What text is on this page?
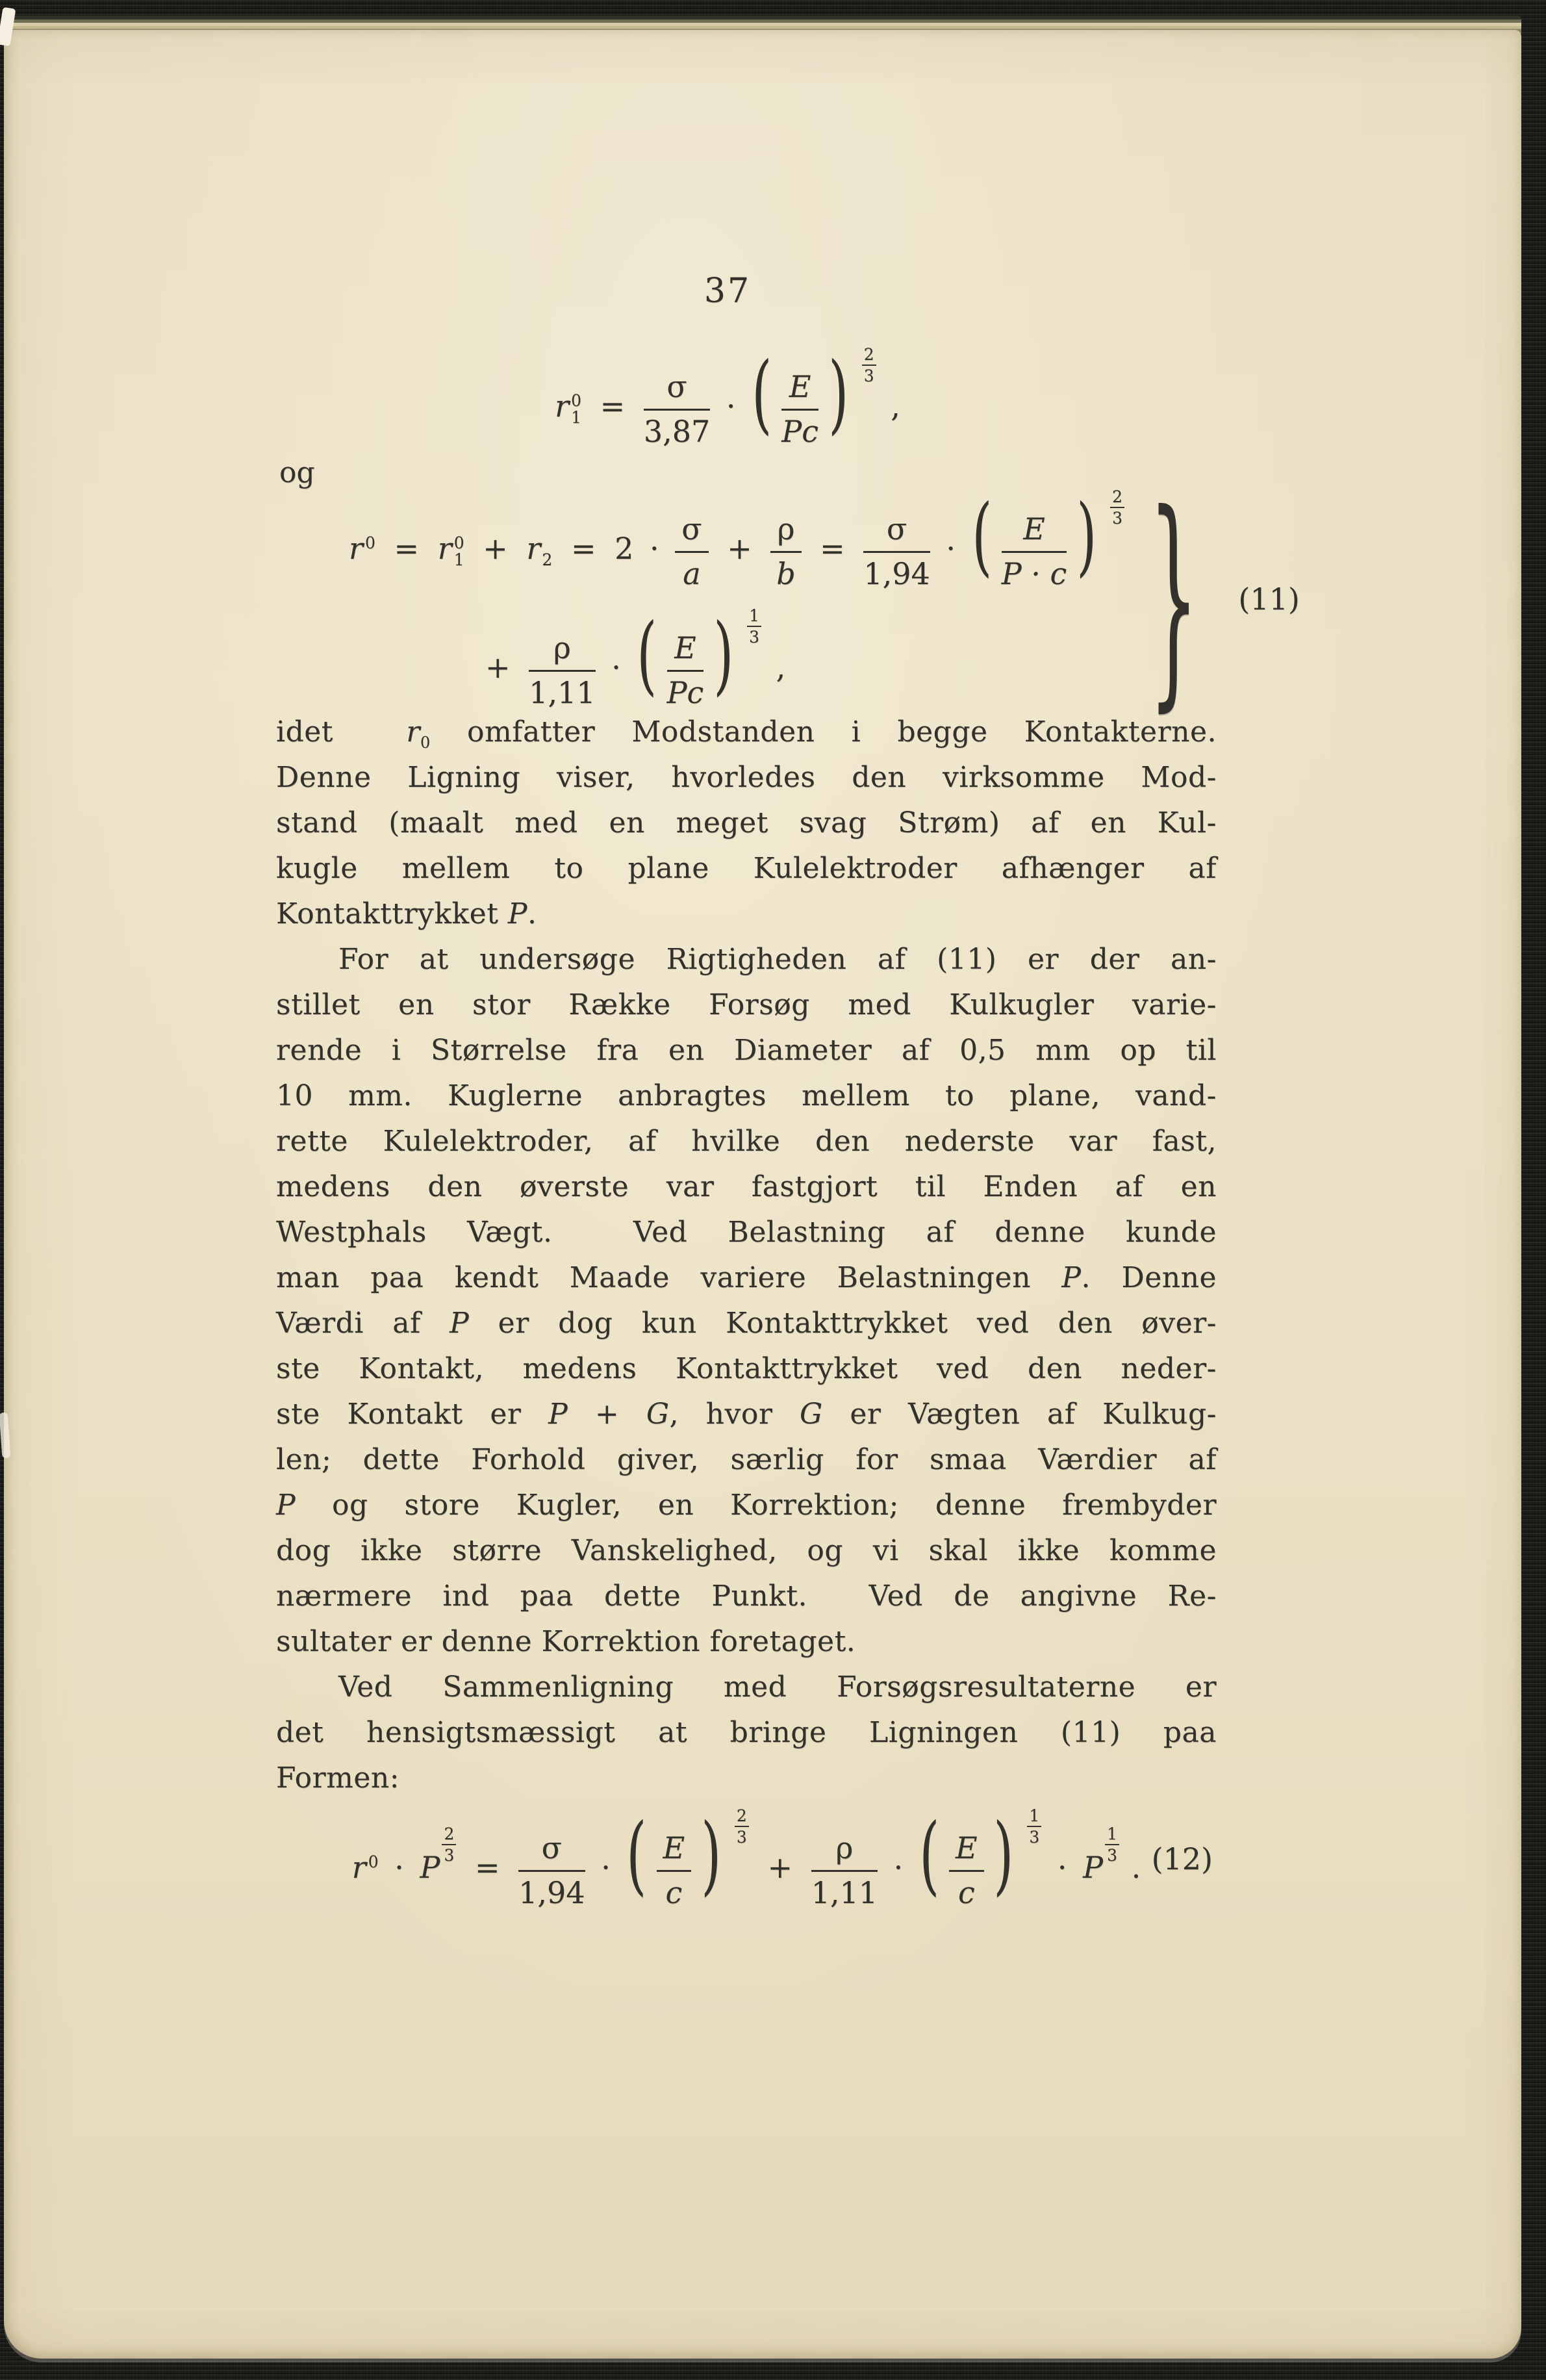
37
r 0
$1 = \frac{\sigma}{3,87}$ · ( $\frac{E}{Pc}$ ) $\frac{2}{3}$
,
og
r $^0$ = r 0
$1 + r_2 = 2 \cdot \frac{\sigma}{a} + \frac{\rho}{b} = \frac{\sigma}{1,94}$ · ( $\frac{E}{P \cdot c}$ ) $\frac{2}{3}$
+ $\frac{\rho}{1,11}$ · ( $\frac{E}{Pc}$ ) $\frac{1}{3}$
,	} (11)
idet  $r_0$ omfatter Modstanden i begge Kontakterne.
Denne Ligning viser, hvorledes den virksomme Mod-
stand (maalt med en meget svag Strøm) af en Kul-
kugle mellem to plane Kulelektroder afhænger af
Kontakttrykket P.
For at undersøge Rigtigheden af (11) er der an-
stillet en stor Række Forsøg med Kulkugler varie-
rende i Størrelse fra en Diameter af 0,5 mm op til
10 mm. Kuglerne anbragtes mellem to plane, vand-
rette Kulelektroder, af hvilke den nederste var fast,
medens den øverste var fastgjort til Enden af en
Westphals Vægt.  Ved Belastning af denne kunde
man paa kendt Maade variere Belastningen P. Denne
Værdi af P er dog kun Kontakttrykket ved den øver-
ste Kontakt, medens Kontakttrykket ved den neder-
ste Kontakt er P + G, hvor G er Vægten af Kulkug-
len; dette Forhold giver, særlig for smaa Værdier af
P og store Kugler, en Korrektion; denne frembyder
dog ikke større Vanskelighed, og vi skal ikke komme
nærmere ind paa dette Punkt.  Ved de angivne Re-
sultater er denne Korrektion foretaget.
Ved Sammenligning med Forsøgsresultaterne er
det hensigtsmæssigt at bringe Ligningen (11) paa
Formen:
r $^0$ · P
$\frac{2}{3}$
= $\frac{\sigma}{1,94}$ · ( $\frac{E}{c}$ ) $\frac{2}{3}$
+ $\frac{\rho}{1,11}$ · ( $\frac{E}{c}$ ) $\frac{1}{3}$
· P
$\frac{1}{3}$
. (12)
